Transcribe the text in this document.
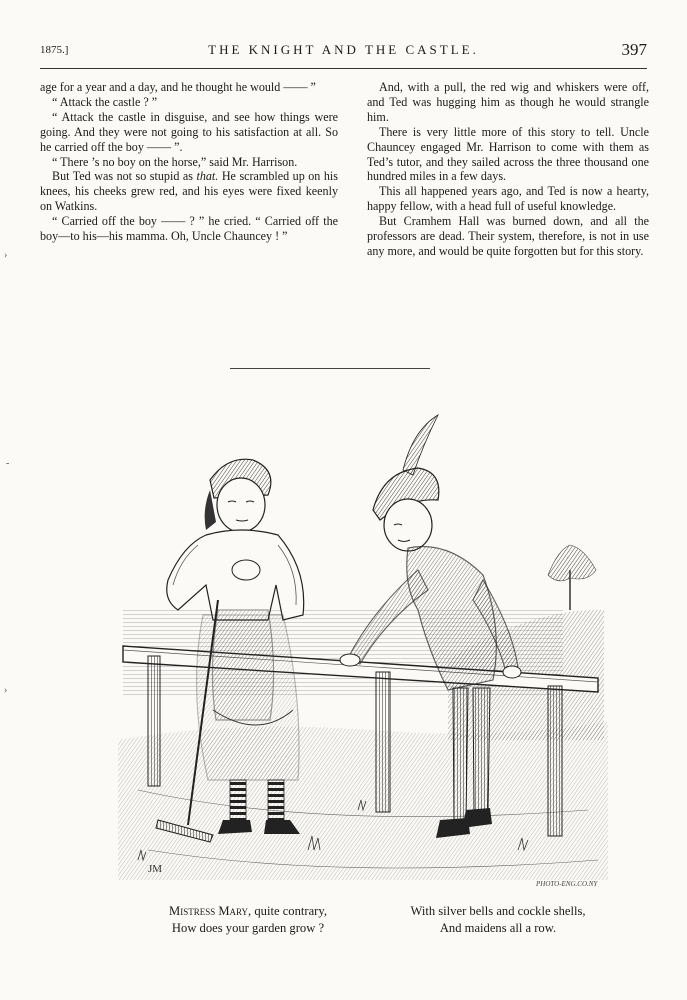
1875.]	THE KNIGHT AND THE CASTLE.	397

age for a year and a day, and he thought he would —— ”

“ Attack the castle ? ”

“ Attack the castle in disguise, and see how things were going. And they were not going to his satisfaction at all. So he carried off the boy —— ”.

“ There ’s no boy on the horse,” said Mr. Harrison.

But Ted was not so stupid as that. He scrambled up on his knees, his cheeks grew red, and his eyes were fixed keenly on Watkins.

“ Carried off the boy —— ? ” he cried. “ Carried off the boy—to his—his mamma. Oh, Uncle Chauncey ! ”

And, with a pull, the red wig and whiskers were off, and Ted was hugging him as though he would strangle him.

There is very little more of this story to tell. Uncle Chauncey engaged Mr. Harrison to come with them as Ted’s tutor, and they sailed across the three thousand one hundred miles in a few days.

This all happened years ago, and Ted is now a hearty, happy fellow, with a head full of useful knowledge.

But Cramhem Hall was burned down, and all the professors are dead. Their system, therefore, is not in use any more, and would be quite forgotten but for this story.

›
-
›
JM
PHOTO-ENG.CO.NY
Mistress Mary, quite contrary,
How does your garden grow ?
With silver bells and cockle shells,
And maidens all a row.
